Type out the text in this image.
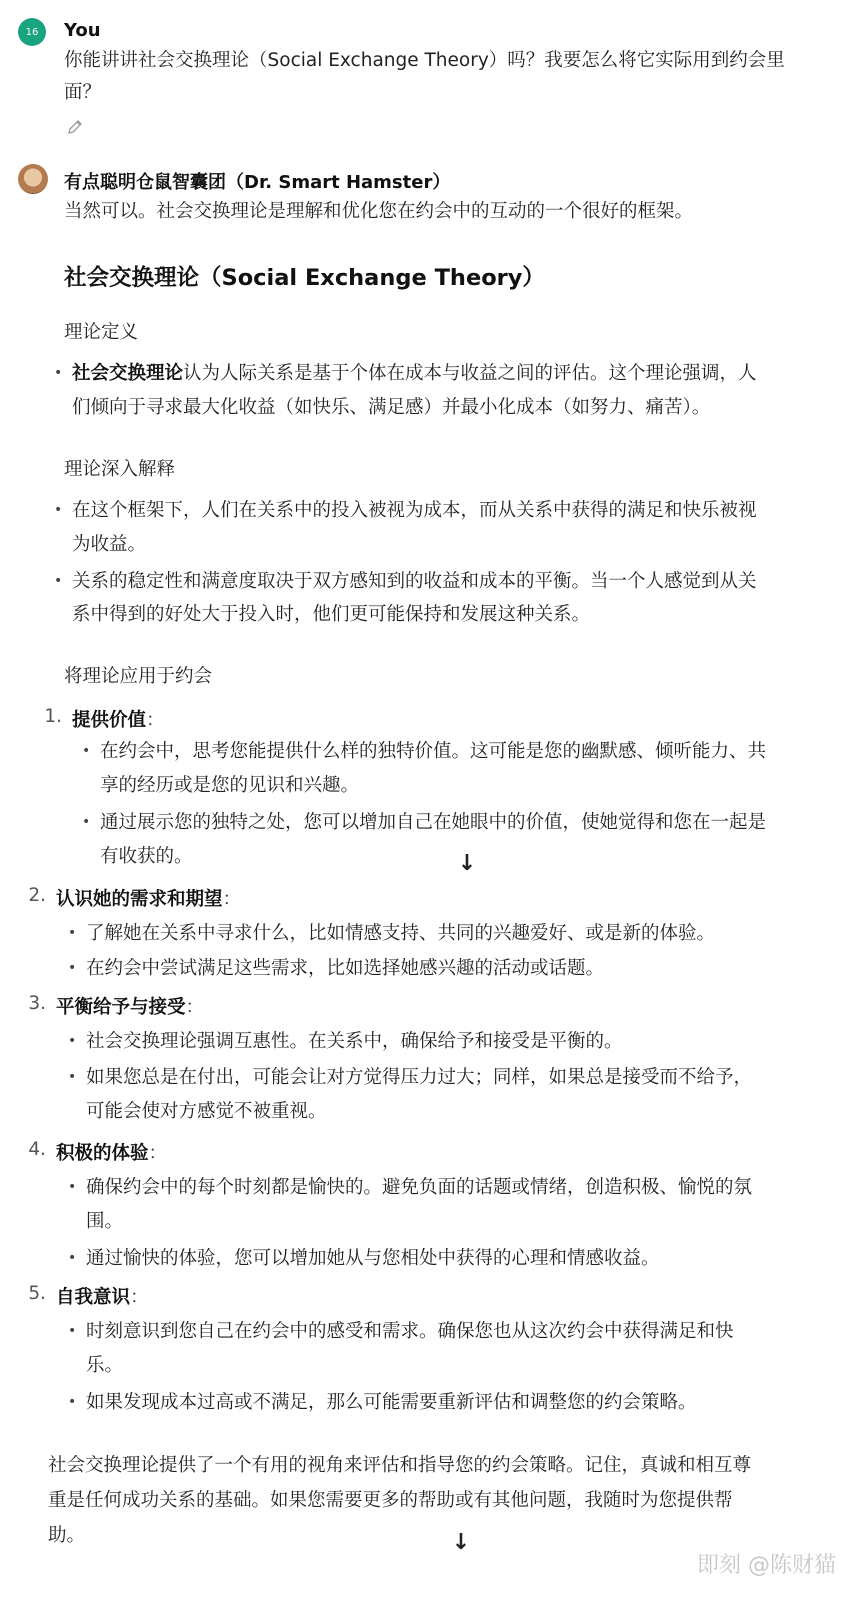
16 You
你能讲讲社会交换理论（Social Exchange Theory）吗？我要怎么将它实际用到约会里
面？
有点聪明仓鼠智囊团（Dr. Smart Hamster）
当然可以。社会交换理论是理解和优化您在约会中的互动的一个很好的框架。
社会交换理论（Social Exchange Theory）
理论定义
• 社会交换理论认为人际关系是基于个体在成本与收益之间的评估。这个理论强调，人
们倾向于寻求最大化收益（如快乐、满足感）并最小化成本（如努力、痛苦）。
理论深入解释
• 在这个框架下，人们在关系中的投入被视为成本，而从关系中获得的满足和快乐被视
为收益。
• 关系的稳定性和满意度取决于双方感知到的收益和成本的平衡。当一个人感觉到从关
系中得到的好处大于投入时，他们更可能保持和发展这种关系。
将理论应用于约会
1. 提供价值：
• 在约会中，思考您能提供什么样的独特价值。这可能是您的幽默感、倾听能力、共
享的经历或是您的见识和兴趣。
• 通过展示您的独特之处，您可以增加自己在她眼中的价值，使她觉得和您在一起是
有收获的。	↓
2. 认识她的需求和期望：
• 了解她在关系中寻求什么，比如情感支持、共同的兴趣爱好、或是新的体验。
• 在约会中尝试满足这些需求，比如选择她感兴趣的活动或话题。
3. 平衡给予与接受：
• 社会交换理论强调互惠性。在关系中，确保给予和接受是平衡的。
• 如果您总是在付出，可能会让对方觉得压力过大；同样，如果总是接受而不给予，
可能会使对方感觉不被重视。
4. 积极的体验：
• 确保约会中的每个时刻都是愉快的。避免负面的话题或情绪，创造积极、愉悦的氛
围。
• 通过愉快的体验，您可以增加她从与您相处中获得的心理和情感收益。
5. 自我意识：
• 时刻意识到您自己在约会中的感受和需求。确保您也从这次约会中获得满足和快
乐。
• 如果发现成本过高或不满足，那么可能需要重新评估和调整您的约会策略。
社会交换理论提供了一个有用的视角来评估和指导您的约会策略。记住，真诚和相互尊
重是任何成功关系的基础。如果您需要更多的帮助或有其他问题，我随时为您提供帮
助。	↓
即刻 @陈财猫
